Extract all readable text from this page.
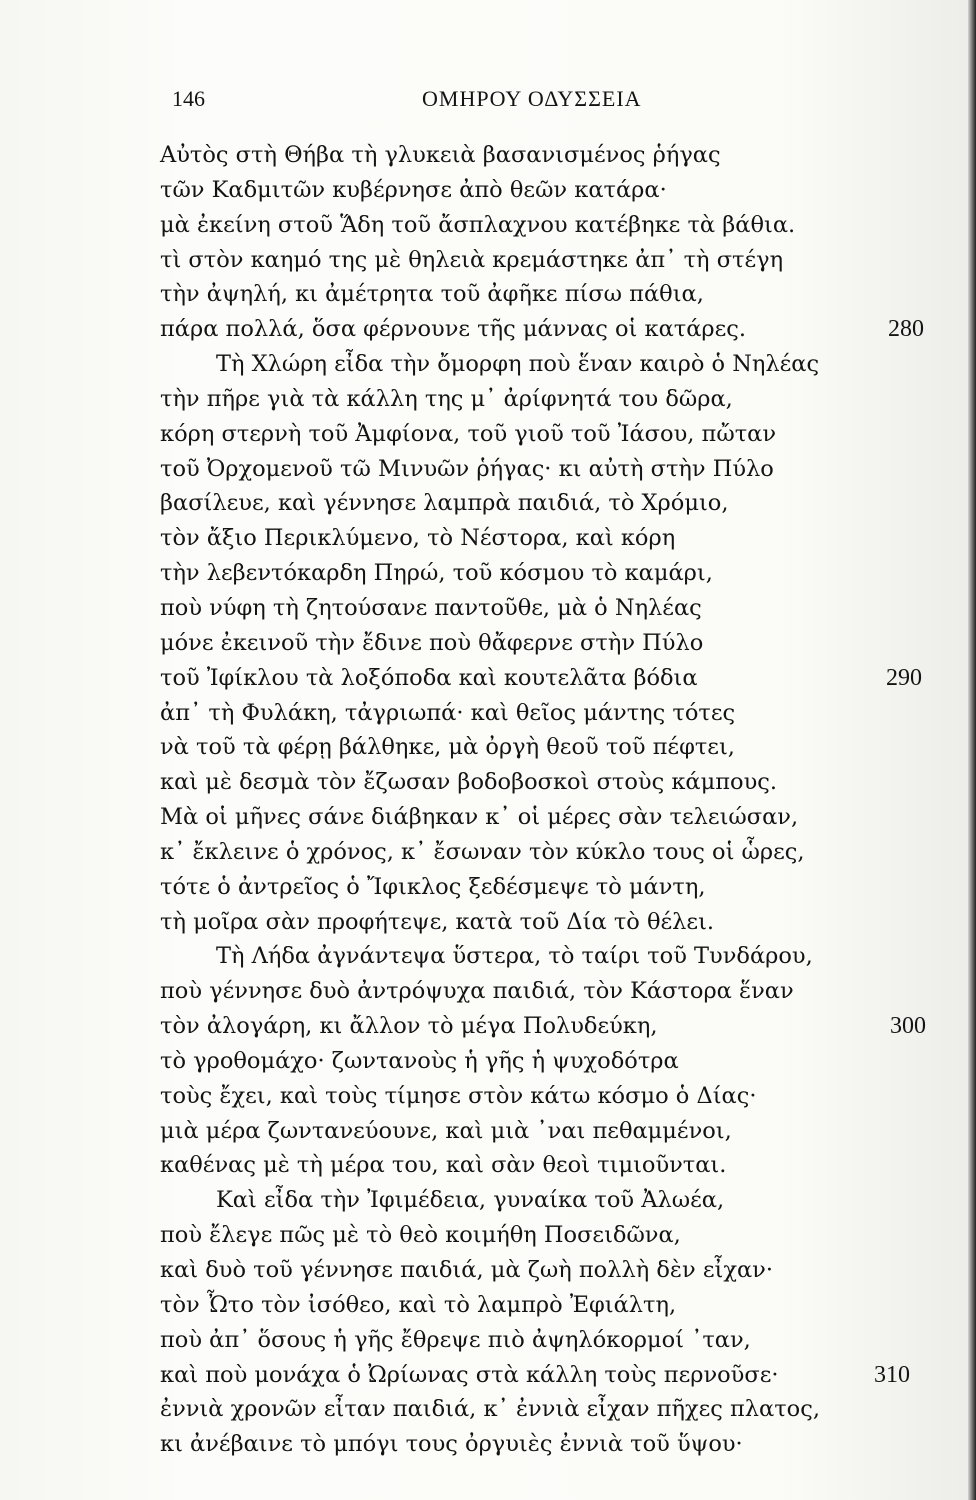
146	ΟΜΗΡΟΥ ΟΔΥΣΣΕΙΑ
Αὐτὸς στὴ Θήβα τὴ γλυκειὰ βασανισμένος ῥήγας
τῶν Καδμιτῶν κυβέρνησε ἀπὸ θεῶν κατάρα·
μὰ ἐκείνη στοῦ Ἅδη τοῦ ἄσπλαχνου κατέβηκε τὰ βάθια.
τὶ στὸν καημό της μὲ θηλειὰ κρεμάστηκε ἀπ᾽ τὴ στέγη
τὴν ἀψηλή, κι ἀμέτρητα τοῦ ἀφῆκε πίσω πάθια,
πάρα πολλά, ὅσα φέρνουνε τῆς μάννας οἱ κατάρες.	280
Τὴ Χλώρη εἶδα τὴν ὄμορφη ποὺ ἕναν καιρὸ ὁ Νηλέας
τὴν πῆρε γιὰ τὰ κάλλη της μ᾽ ἀρίφνητά του δῶρα,
κόρη στερνὴ τοῦ Ἀμφίονα, τοῦ γιοῦ τοῦ Ἰάσου, πὤταν
τοῦ Ὀρχομενοῦ τῶ Μινυῶν ῥήγας· κι αὐτὴ στὴν Πύλο
βασίλευε, καὶ γέννησε λαμπρὰ παιδιά, τὸ Χρόμιο,
τὸν ἄξιο Περικλύμενο, τὸ Νέστορα, καὶ κόρη
τὴν λεβεντόκαρδη Πηρώ, τοῦ κόσμου τὸ καμάρι,
ποὺ νύφη τὴ ζητούσανε παντοῦθε, μὰ ὁ Νηλέας
μόνε ἐκεινοῦ τὴν ἔδινε ποὺ θἄφερνε στὴν Πύλο
τοῦ Ἰφίκλου τὰ λοξόποδα καὶ κουτελᾶτα βόδια	290
ἀπ᾽ τὴ Φυλάκη, τἀγριωπά· καὶ θεῖος μάντης τότες
νὰ τοῦ τὰ φέρῃ βάλθηκε, μὰ ὀργὴ θεοῦ τοῦ πέφτει,
καὶ μὲ δεσμὰ τὸν ἔζωσαν βοδοβοσκοὶ στοὺς κάμπους.
Μὰ οἱ μῆνες σάνε διάβηκαν κ᾽ οἱ μέρες σὰν τελειώσαν,
κ᾽ ἔκλεινε ὁ χρόνος, κ᾽ ἔσωναν τὸν κύκλο τους οἱ ὧρες,
τότε ὁ ἀντρεῖος ὁ Ἴφικλος ξεδέσμεψε τὸ μάντη,
τὴ μοῖρα σὰν προφήτεψε, κατὰ τοῦ Δία τὸ θέλει.
Τὴ Λήδα ἀγνάντεψα ὕστερα, τὸ ταίρι τοῦ Τυνδάρου,
ποὺ γέννησε δυὸ ἀντρόψυχα παιδιά, τὸν Κάστορα ἕναν
τὸν ἀλογάρη, κι ἄλλον τὸ μέγα Πολυδεύκη,	300
τὸ γροθομάχο· ζωντανοὺς ἡ γῆς ἡ ψυχοδότρα
τοὺς ἔχει, καὶ τοὺς τίμησε στὸν κάτω κόσμο ὁ Δίας·
μιὰ μέρα ζωντανεύουνε, καὶ μιὰ ᾽ναι πεθαμμένοι,
καθένας μὲ τὴ μέρα του, καὶ σὰν θεοὶ τιμιοῦνται.
Καὶ εἶδα τὴν Ἰφιμέδεια, γυναίκα τοῦ Ἀλωέα,
ποὺ ἔλεγε πῶς μὲ τὸ θεὸ κοιμήθη Ποσειδῶνα,
καὶ δυὸ τοῦ γέννησε παιδιά, μὰ ζωὴ πολλὴ δὲν εἶχαν·
τὸν Ὦτο τὸν ἰσόθεο, καὶ τὸ λαμπρὸ Ἐφιάλτη,
ποὺ ἀπ᾽ ὅσους ἡ γῆς ἔθρεψε πιὸ ἀψηλόκορμοί ᾽ταν,
καὶ ποὺ μονάχα ὁ Ὠρίωνας στὰ κάλλη τοὺς περνοῦσε·	310
ἐννιὰ χρονῶν εἶταν παιδιά, κ᾽ ἐννιὰ εἶχαν πῆχες πλατος,
κι ἀνέβαινε τὸ μπόγι τους ὀργυιὲς ἐννιὰ τοῦ ὕψου·
